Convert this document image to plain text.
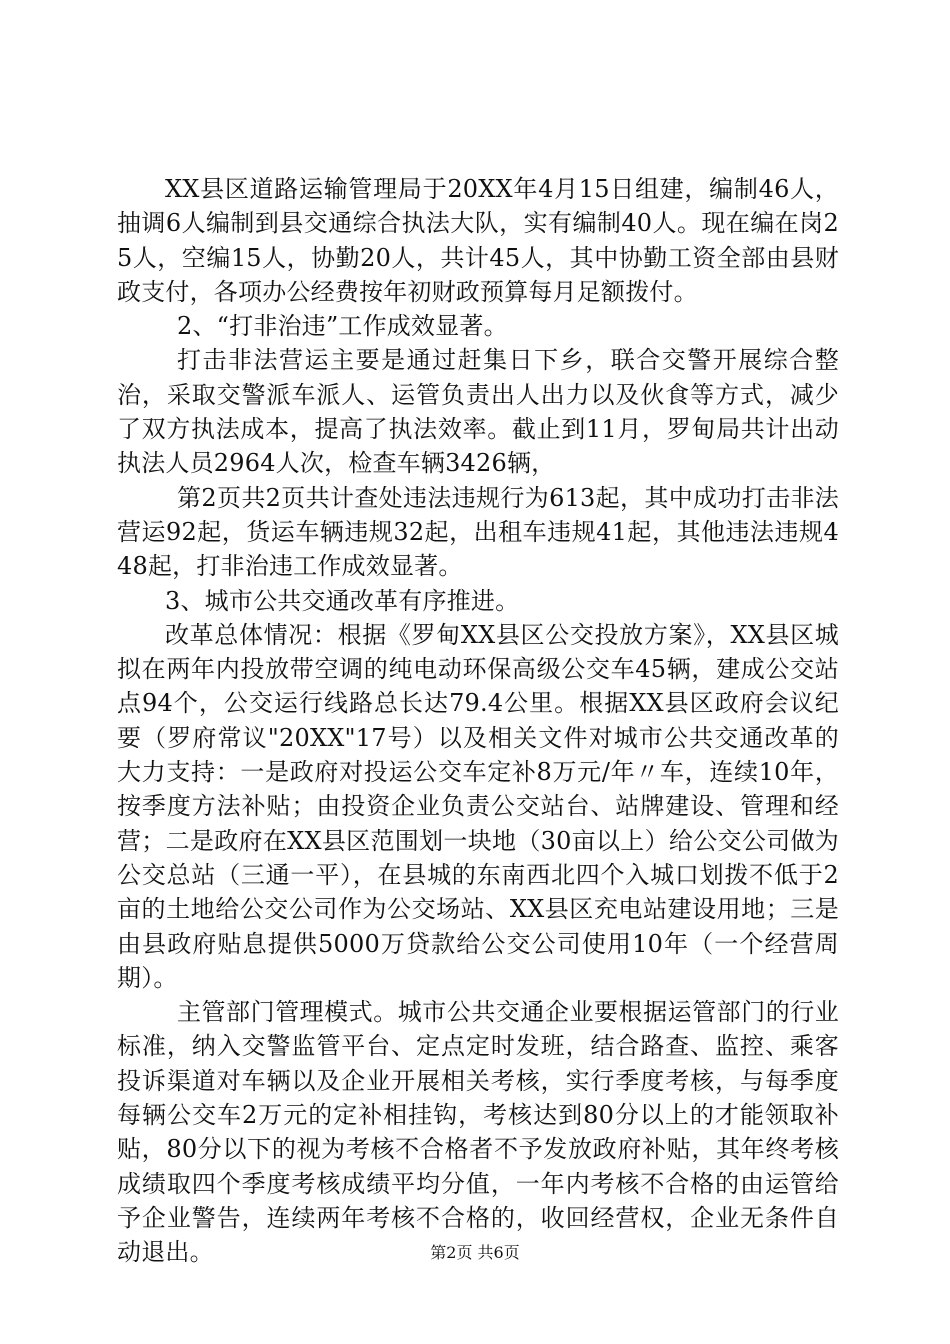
XX县区道路运输管理局于20XX年4月15日组建，编制46人，抽调6人编制到县交通综合执法大队，实有编制40人。现在编在岗25人，空编15人，协勤20人，共计45人，其中协勤工资全部由县财政支付，各项办公经费按年初财政预算每月足额拨付。

2、“打非治违”工作成效显著。

打击非法营运主要是通过赶集日下乡，联合交警开展综合整治，采取交警派车派人、运管负责出人出力以及伙食等方式，减少了双方执法成本，提高了执法效率。截止到11月，罗甸局共计出动执法人员2964人次，检查车辆3426辆，

第2页共2页共计查处违法违规行为613起，其中成功打击非法营运92起，货运车辆违规32起，出租车违规41起，其他违法违规448起，打非治违工作成效显著。

3、城市公共交通改革有序推进。

改革总体情况：根据《罗甸XX县区公交投放方案》，XX县区城拟在两年内投放带空调的纯电动环保高级公交车45辆，建成公交站点94个，公交运行线路总长达79.4公里。根据XX县区政府会议纪要（罗府常议"20XX"17号）以及相关文件对城市公共交通改革的大力支持：一是政府对投运公交车定补8万元/年〃车，连续10年，按季度方法补贴；由投资企业负责公交站台、站牌建设、管理和经营；二是政府在XX县区范围划一块地（30亩以上）给公交公司做为公交总站（三通一平），在县城的东南西北四个入城口划拨不低于2亩的土地给公交公司作为公交场站、XX县区充电站建设用地；三是由县政府贴息提供5000万贷款给公交公司使用10年（一个经营周期）。

主管部门管理模式。城市公共交通企业要根据运管部门的行业标准，纳入交警监管平台、定点定时发班，结合路查、监控、乘客投诉渠道对车辆以及企业开展相关考核，实行季度考核，与每季度每辆公交车2万元的定补相挂钩，考核达到80分以上的才能领取补贴，80分以下的视为考核不合格者不予发放政府补贴，其年终考核成绩取四个季度考核成绩平均分值，一年内考核不合格的由运管给予企业警告，连续两年考核不合格的，收回经营权，企业无条件自动退出。	第2页 共6页
